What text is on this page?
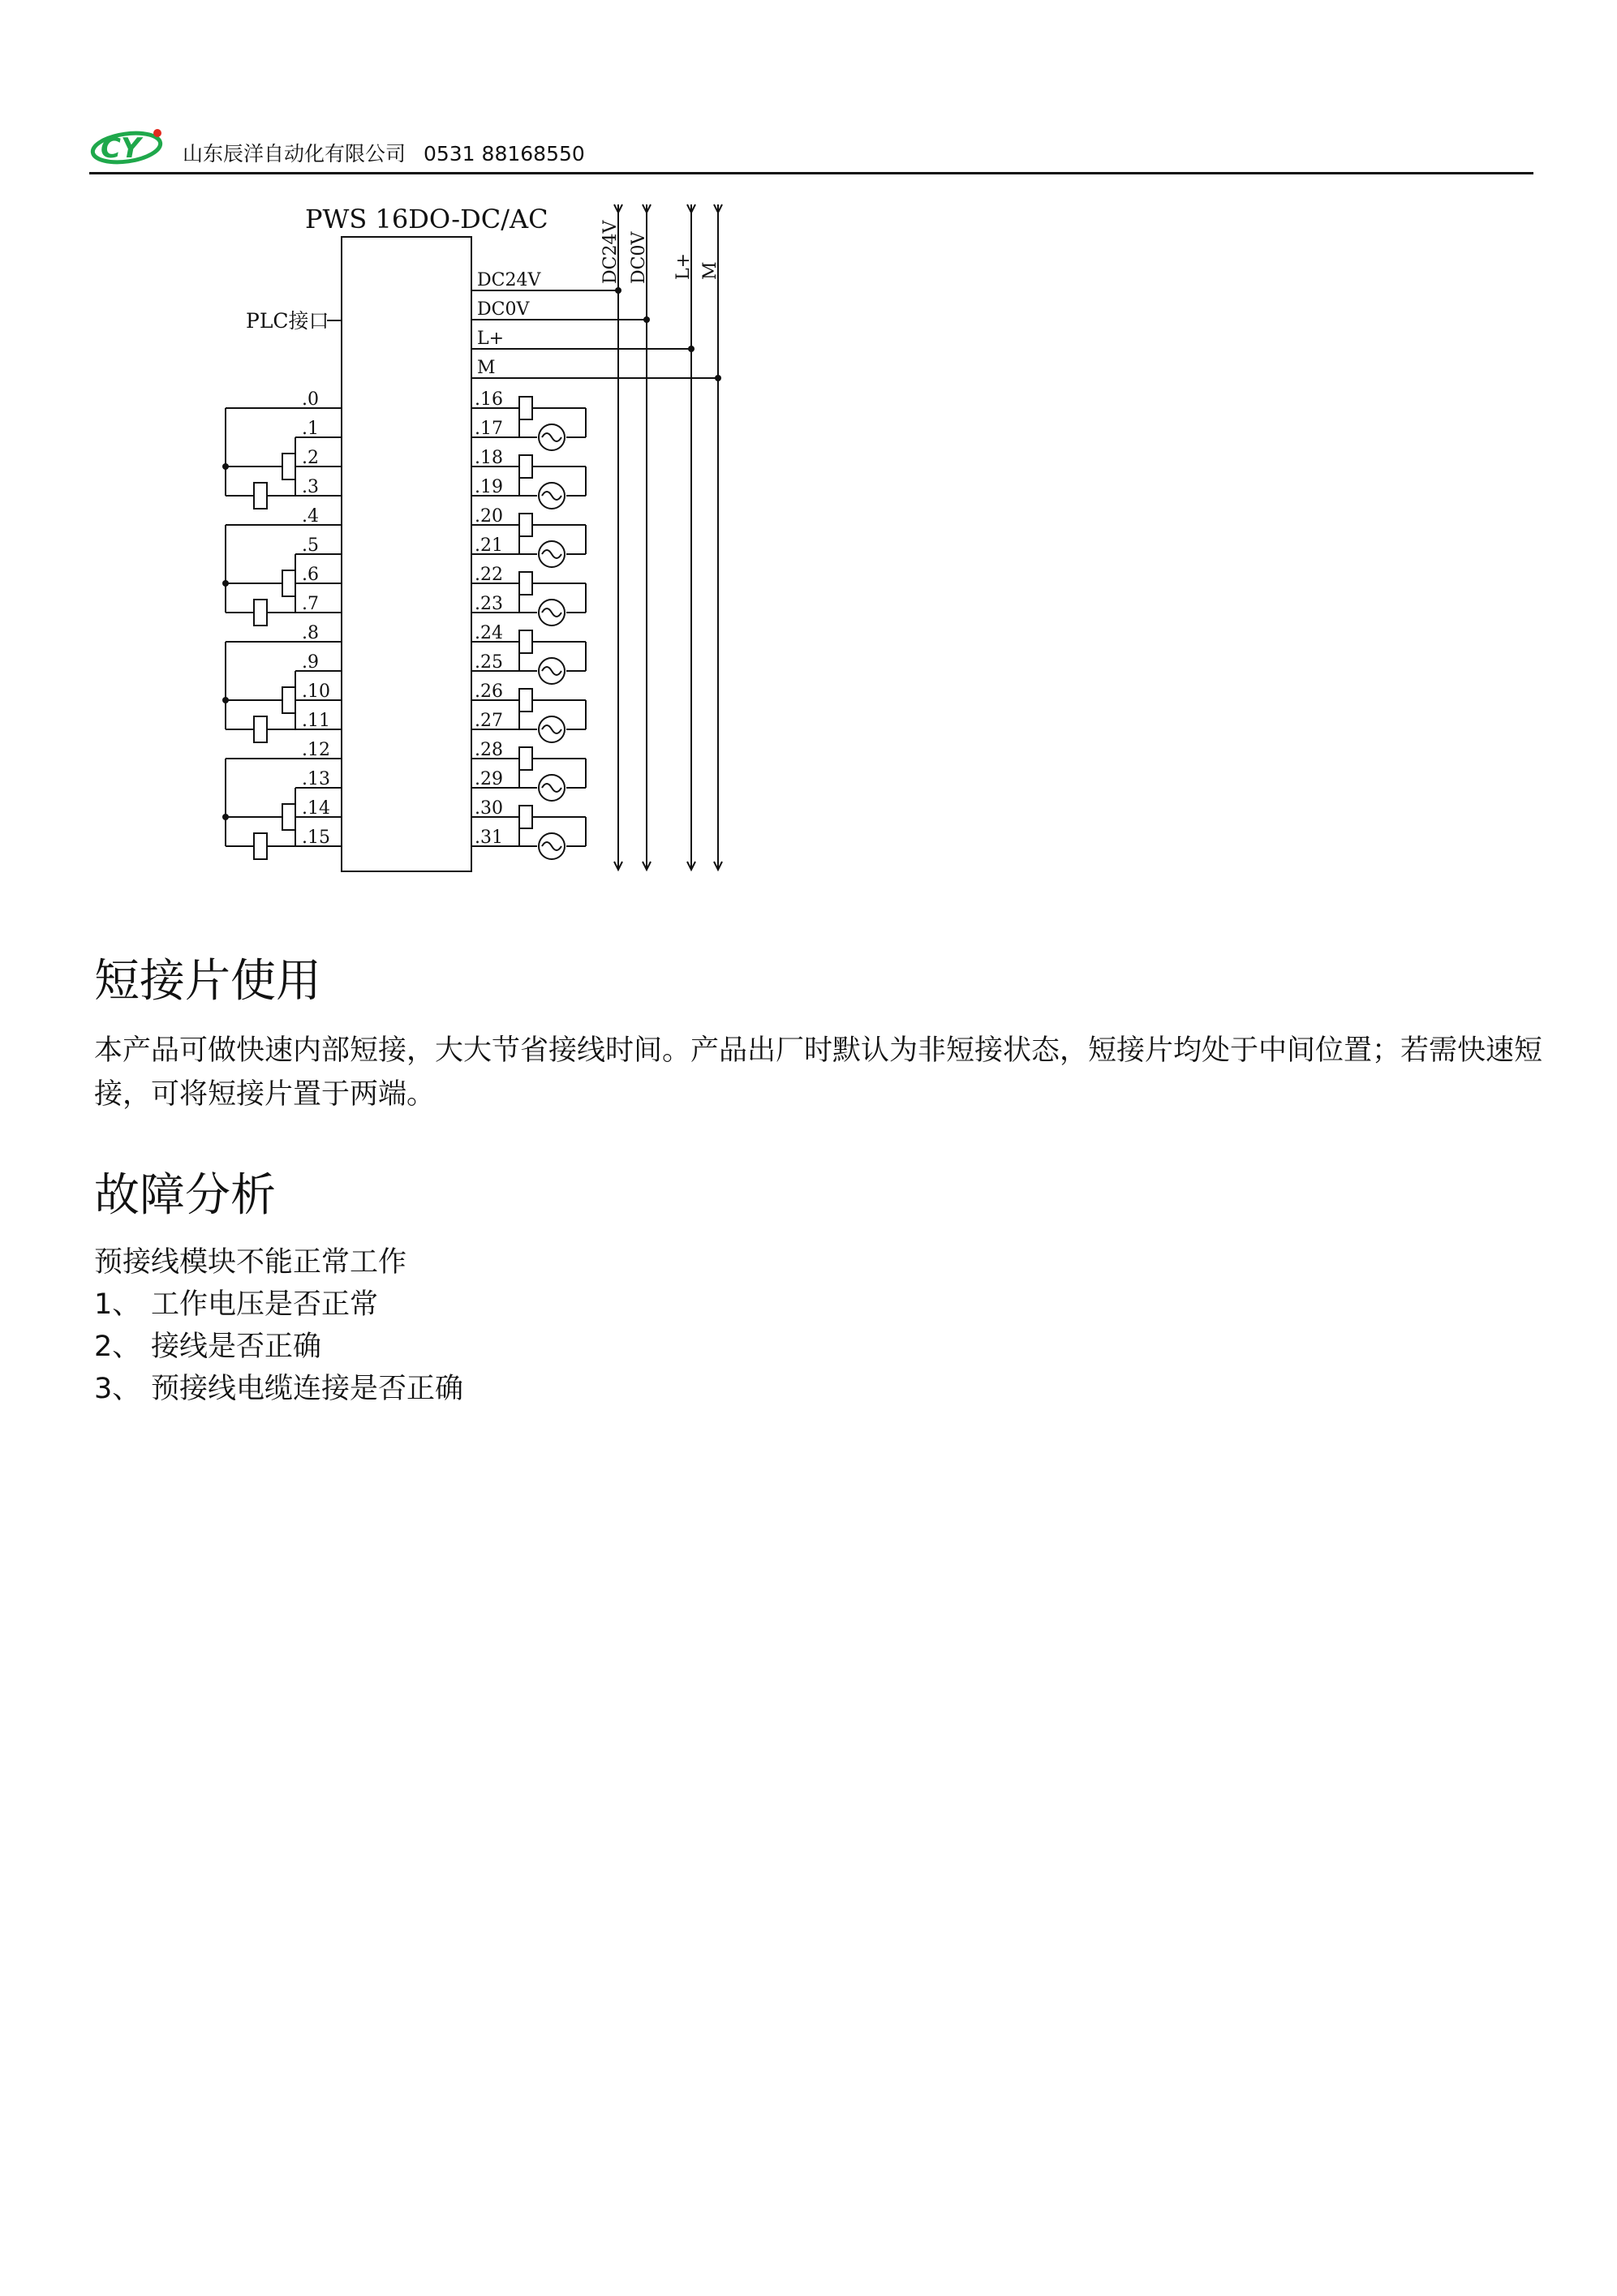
CY 山东辰洋自动化有限公司 0531 88168550
PWS 16DO-DC/AC
PLC接口
DC24V DC0V L+ M
DC24V
DC0V
L+
M
.0	.16
.1	.17
.2	.18
.3	.19
.4	.20
.5	.21
.6	.22
.7	.23
.8	.24
.9	.25
.10	.26
.11	.27
.12	.28
.13	.29
.14	.30
.15	.31
短接片使用

本产品可做快速内部短接，大大节省接线时间。产品出厂时默认为非短接状态，短接片均处于中间位置；若需快速短接，可将短接片置于两端。

故障分析
预接线模块不能正常工作
1、 工作电压是否正常
2、 接线是否正确
3、 预接线电缆连接是否正确
